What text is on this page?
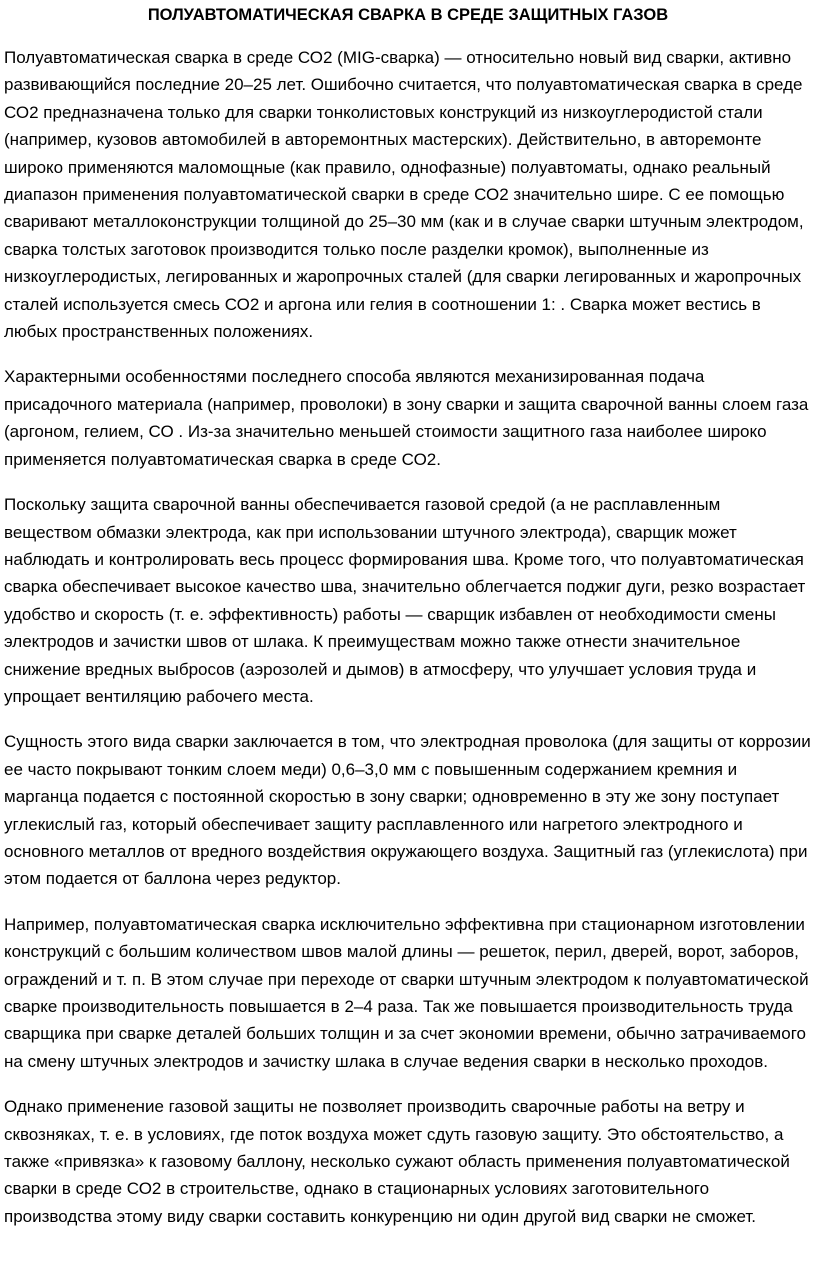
ПОЛУАВТОМАТИЧЕСКАЯ СВАРКА В СРЕДЕ ЗАЩИТНЫХ ГАЗОВ

Полуавтоматическая сварка в среде СО2 (MIG-сварка) — относительно новый вид сварки, активно развивающийся последние 20–25 лет. Ошибочно считается, что полуавтоматическая сварка в среде СО2 предназначена только для сварки тонколистовых конструкций из низкоуглеродистой стали (например, кузовов автомобилей в авторемонтных мастерских). Действительно, в авторемонте широко применяются маломощные (как правило, однофазные) полуавтоматы, однако реальный диапазон применения полуавтоматической сварки в среде СО2 значительно шире. С ее помощью сваривают металлоконструкции толщиной до 25–30 мм (как и в случае сварки штучным электродом, сварка толстых заготовок производится только после разделки кромок), выполненные из низкоуглеродистых, легированных и жаропрочных сталей (для сварки легированных и жаропрочных сталей используется смесь СО2 и аргона или гелия в соотношении 1: . Сварка может вестись в любых пространственных положениях.

Характерными особенностями последнего способа являются механизированная подача присадочного материала (например, проволоки) в зону сварки и защита сварочной ванны слоем газа (аргоном, гелием, СО . Из-за значительно меньшей стоимости защитного газа наиболее широко применяется полуавтоматическая сварка в среде СО2.

Поскольку защита сварочной ванны обеспечивается газовой средой (а не расплавленным веществом обмазки электрода, как при использовании штучного электрода), сварщик может наблюдать и контролировать весь процесс формирования шва. Кроме того, что полуавтоматическая сварка обеспечивает высокое качество шва, значительно облегчается поджиг дуги, резко возрастает удобство и скорость (т. е. эффективность) работы — сварщик избавлен от необходимости смены электродов и зачистки швов от шлака. К преимуществам можно также отнести значительное снижение вредных выбросов (аэрозолей и дымов) в атмосферу, что улучшает условия труда и упрощает вентиляцию рабочего места.

Сущность этого вида сварки заключается в том, что электродная проволока (для защиты от коррозии ее часто покрывают тонким слоем меди) 0,6–3,0 мм с повышенным содержанием кремния и марганца подается с постоянной скоростью в зону сварки; одновременно в эту же зону поступает углекислый газ, который обеспечивает защиту расплавленного или нагретого электродного и основного металлов от вредного воздействия окружающего воздуха. Защитный газ (углекислота) при этом подается от баллона через редуктор.

Например, полуавтоматическая сварка исключительно эффективна при стационарном изготовлении конструкций с большим количеством швов малой длины — решеток, перил, дверей, ворот, заборов, ограждений и т. п. В этом случае при переходе от сварки штучным электродом к полуавтоматической сварке производительность повышается в 2–4 раза. Так же повышается производительность труда сварщика при сварке деталей больших толщин и за счет экономии времени, обычно затрачиваемого на смену штучных электродов и зачистку шлака в случае ведения сварки в несколько проходов.

Однако применение газовой защиты не позволяет производить сварочные работы на ветру и сквозняках, т. е. в условиях, где поток воздуха может сдуть газовую защиту. Это обстоятельство, а также «привязка» к газовому баллону, несколько сужают область применения полуавтоматической сварки в среде СО2 в строительстве, однако в стационарных условиях заготовительного производства этому виду сварки составить конкуренцию ни один другой вид сварки не сможет.
